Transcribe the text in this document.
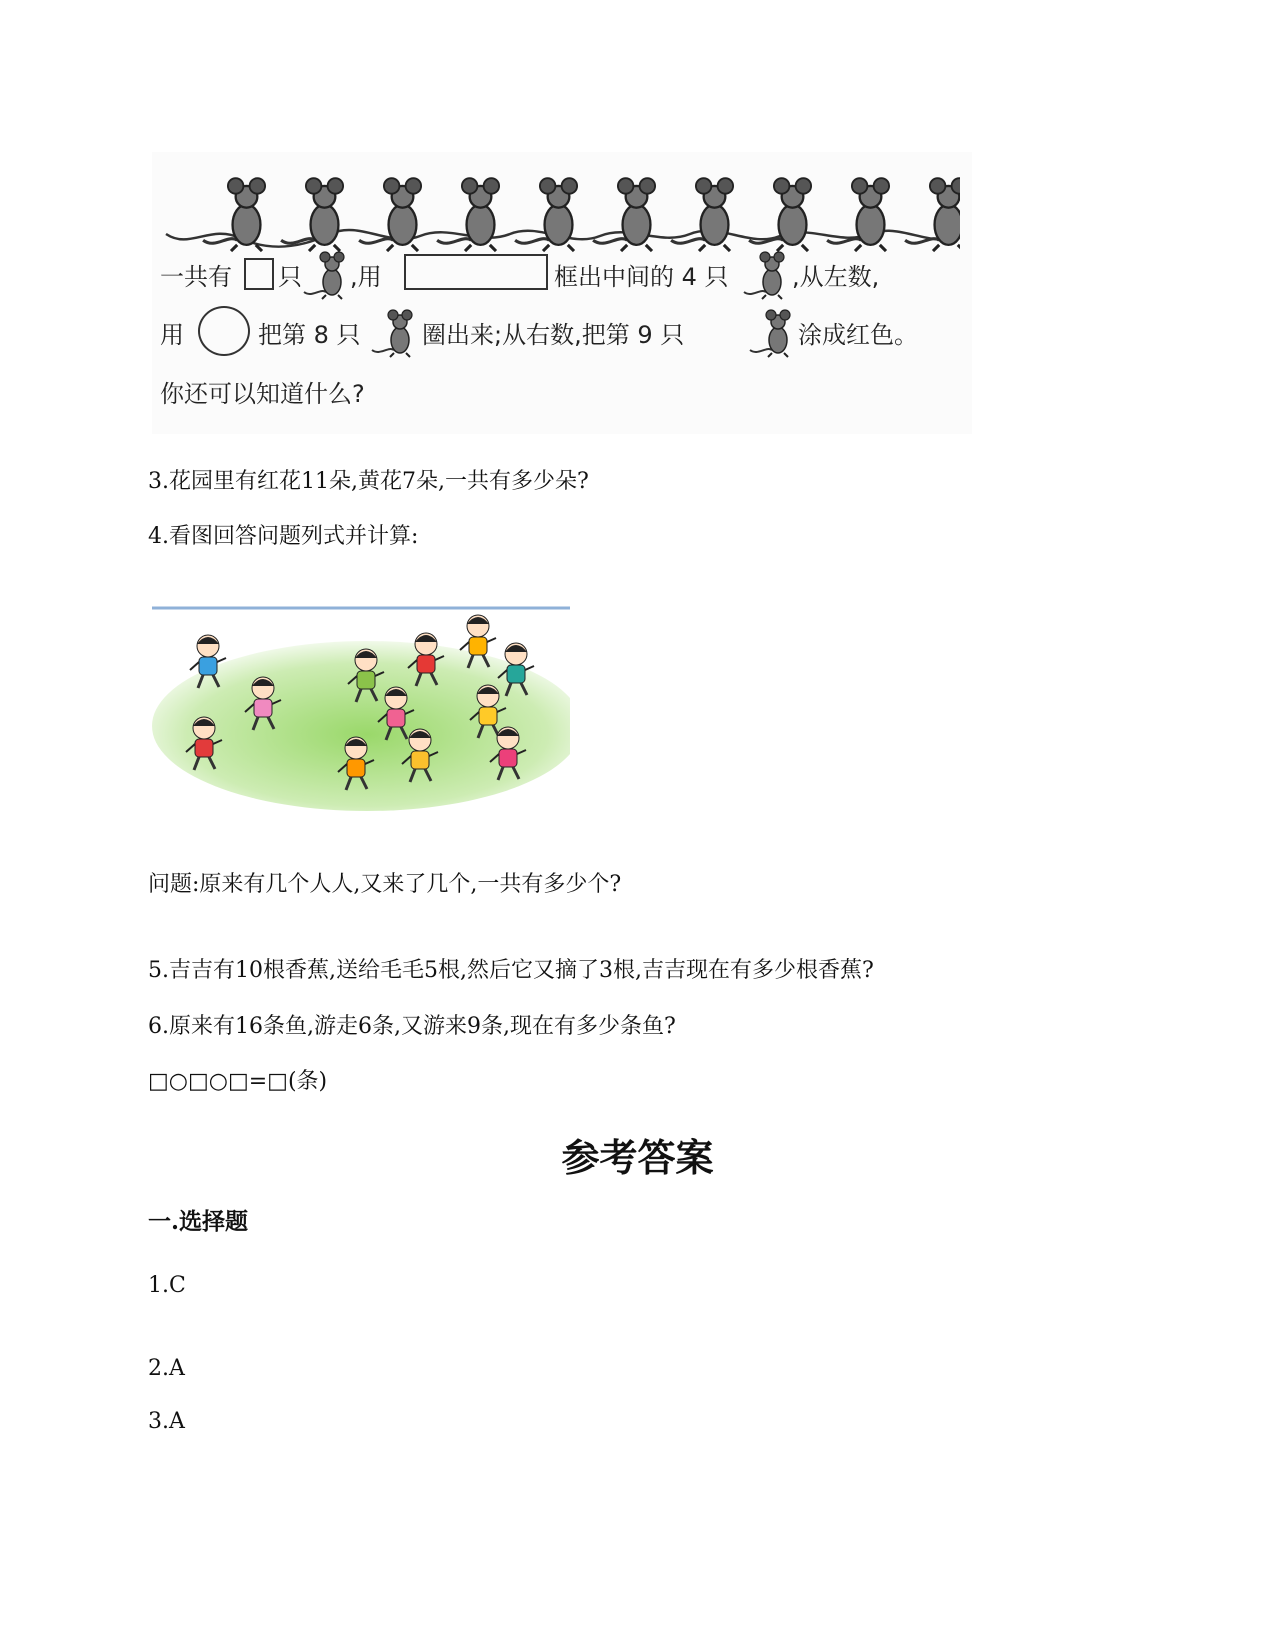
一共有 只 ,用	框出中间的 4 只	,从左数,
用	把第 8 只	圈出来;从右数,把第 9 只	涂成红色。
你还可以知道什么?
3.花园里有红花11朵,黄花7朵,一共有多少朵?
4.看图回答问题列式并计算:
问题:原来有几个人人,又来了几个,一共有多少个?
5.吉吉有10根香蕉,送给毛毛5根,然后它又摘了3根,吉吉现在有多少根香蕉?
6.原来有16条鱼,游走6条,又游来9条,现在有多少条鱼?
□○□○□=□(条)
参考答案
一.选择题
1.C
2.A
3.A
